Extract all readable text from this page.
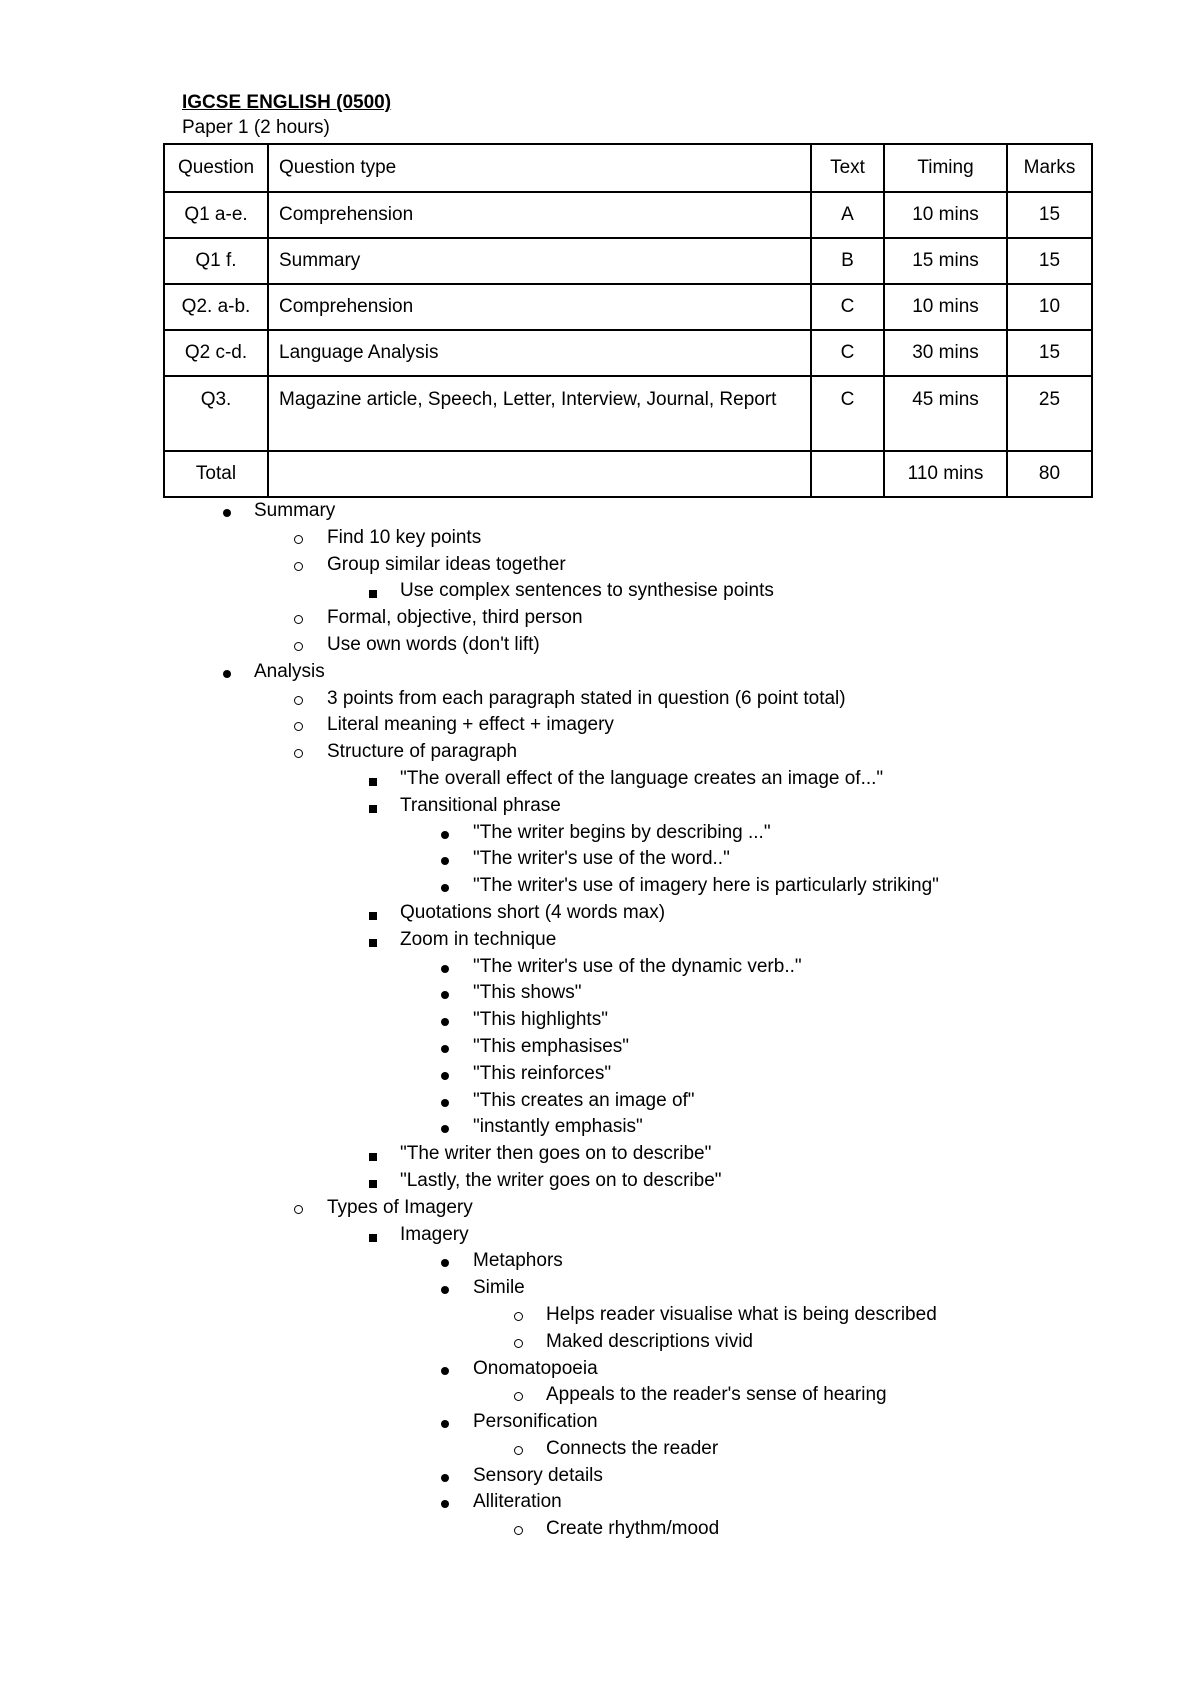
IGCSE ENGLISH (0500)
Paper 1 (2 hours)
Question	Question type	Text	Timing	Marks
Q1 a-e.	Comprehension	A	10 mins	15
Q1 f.	Summary	B	15 mins	15
Q2. a-b.	Comprehension	C	10 mins	10
Q2 c-d.	Language Analysis	C	30 mins	15
Q3.	Magazine article, Speech, Letter, Interview, Journal, Report	C	45 mins	25
Total			110 mins	80
Summary
Find 10 key points
Group similar ideas together
Use complex sentences to synthesise points
Formal, objective, third person
Use own words (don't lift)
Analysis
3 points from each paragraph stated in question (6 point total)
Literal meaning + effect + imagery
Structure of paragraph
"The overall effect of the language creates an image of..."
Transitional phrase
"The writer begins by describing ..."
"The writer's use of the word.."
"The writer's use of imagery here is particularly striking"
Quotations short (4 words max)
Zoom in technique
"The writer's use of the dynamic verb.."
"This shows"
"This highlights"
"This emphasises"
"This reinforces"
"This creates an image of"
"instantly emphasis"
"The writer then goes on to describe"
"Lastly, the writer goes on to describe"
Types of Imagery
Imagery
Metaphors
Simile
Helps reader visualise what is being described
Maked descriptions vivid
Onomatopoeia
Appeals to the reader's sense of hearing
Personification
Connects the reader
Sensory details
Alliteration
Create rhythm/mood
